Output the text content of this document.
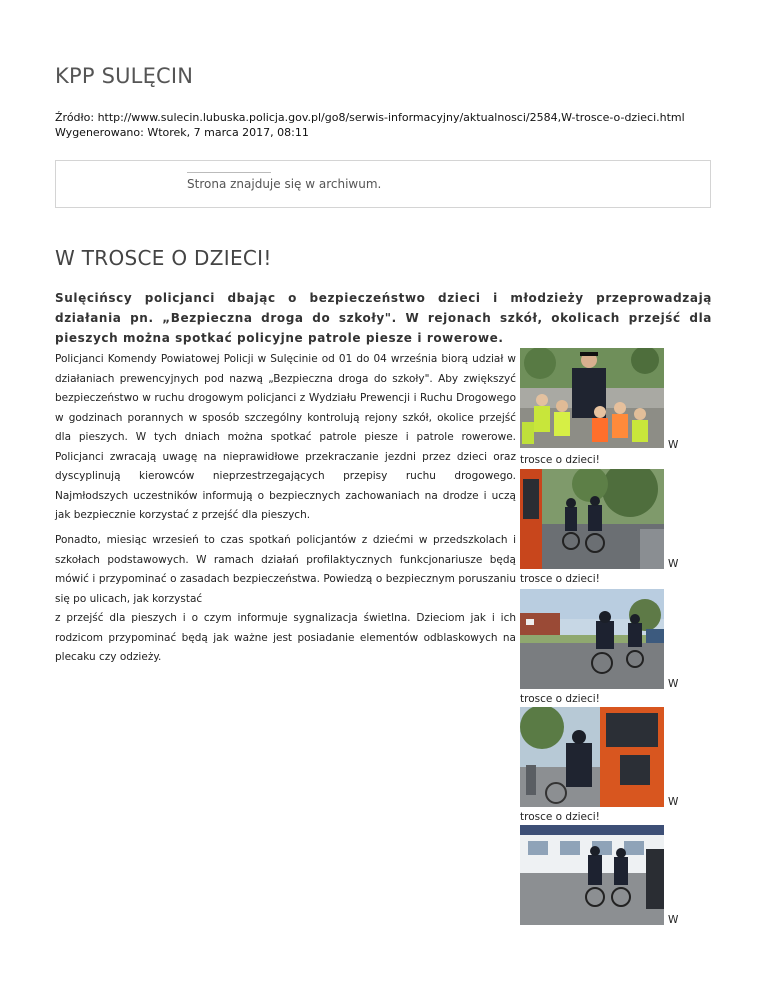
KPP SULĘCIN
Źródło: http://www.sulecin.lubuska.policja.gov.pl/go8/serwis-informacyjny/aktualnosci/2584,W-trosce-o-dzieci.html
Wygenerowano: Wtorek, 7 marca 2017, 08:11
Strona znajduje się w archiwum.
W TROSCE O DZIECI!
Sulęcińscy policjanci dbając o bezpieczeństwo dzieci i młodzieży przeprowadzają działania pn. „Bezpieczna droga do szkoły". W rejonach szkół, okolicach przejść dla pieszych można spotkać policyjne patrole piesze i rowerowe.

Policjanci Komendy Powiatowej Policji w Sulęcinie od 01 do 04 września biorą udział w działaniach prewencyjnych pod nazwą „Bezpieczna droga do szkoły". Aby zwiększyć bezpieczeństwo w ruchu drogowym policjanci z Wydziału Prewencji i Ruchu Drogowego w godzinach porannych w sposób szczególny kontrolują rejony szkół, okolice przejść dla pieszych. W tych dniach można spotkać patrole piesze i patrole rowerowe. Policjanci zwracają uwagę na nieprawidłowe przekraczanie jezdni przez dzieci oraz dyscyplinują kierowców nieprzestrzegających przepisy ruchu drogowego. Najmłodszych uczestników informują o bezpiecznych zachowaniach na drodze i uczą jak bezpiecznie korzystać z przejść dla pieszych.

Ponadto, miesiąc wrzesień to czas spotkań policjantów z dziećmi w przedszkolach i szkołach podstawowych. W ramach działań profilaktycznych funkcjonariusze będą mówić i przypominać o zasadach bezpieczeństwa. Powiedzą o bezpiecznym poruszaniu się po ulicach, jak korzystać
z przejść dla pieszych i o czym informuje sygnalizacja świetlna. Dzieciom jak i ich rodzicom przypominać będą jak ważne jest posiadanie elementów odblaskowych na plecaku czy odzieży.
W
trosce o dzieci!
W
trosce o dzieci!
W
trosce o dzieci!
W
trosce o dzieci!
W
